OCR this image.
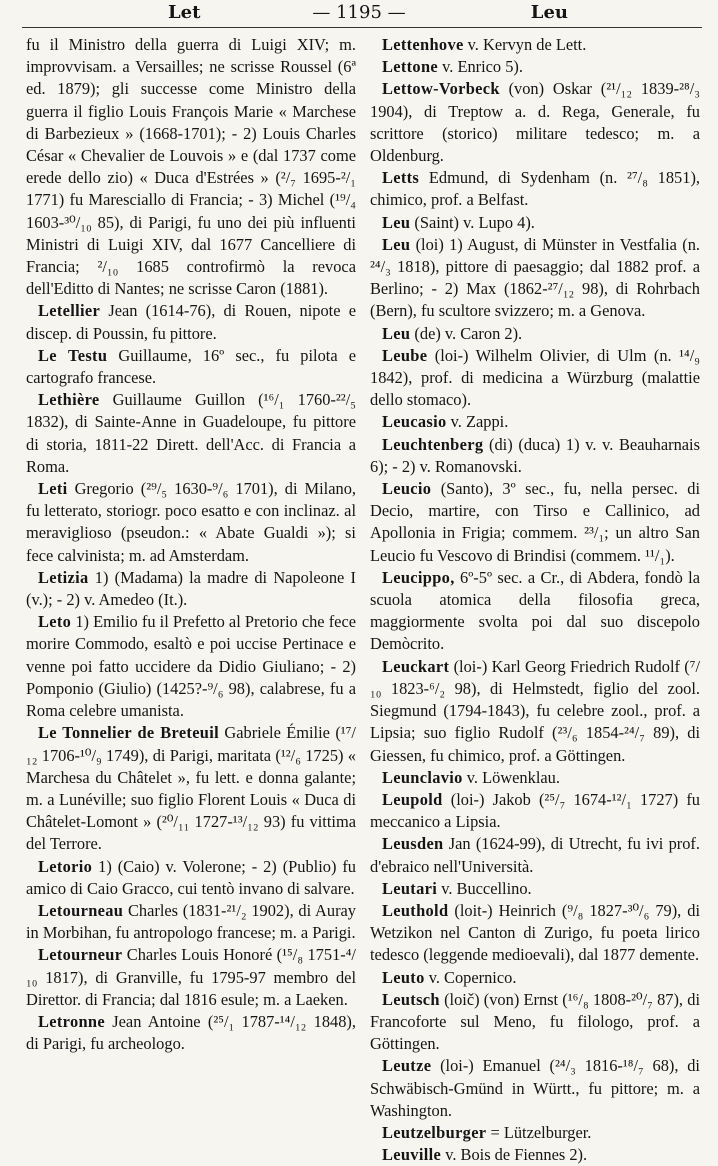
Let	— 1195 —	Leu

fu il Ministro della guerra di Luigi XIV; m. improvvisam. a Versailles; ne scrisse Roussel (6ª ed. 1879); gli successe come Ministro della guerra il figlio Louis François Marie « Marchese di Barbezieux » (1668-1701); - 2) Louis Charles César « Chevalier de Louvois » e (dal 1737 come erede dello zio) « Duca d'Estrées » (²/₇ 1695-²/₁ 1771) fu Maresciallo di Francia; - 3) Michel (¹⁹/₄ 1603-³⁰/₁₀ 85), di Parigi, fu uno dei più influenti Ministri di Luigi XIV, dal 1677 Cancelliere di Francia; ²/₁₀ 1685 controfirmò la revoca dell'Editto di Nantes; ne scrisse Caron (1881).

Letellier Jean (1614-76), di Rouen, nipote e discep. di Poussin, fu pittore.

Le Testu Guillaume, 16º sec., fu pilota e cartografo francese.

Lethière Guillaume Guillon (¹⁶/₁ 1760-²²/₅ 1832), di Sainte-Anne in Guadeloupe, fu pittore di storia, 1811-22 Dirett. dell'Acc. di Francia a Roma.

Leti Gregorio (²⁹/₅ 1630-⁹/₆ 1701), di Milano, fu letterato, storiogr. poco esatto e con inclinaz. al meraviglioso (pseudon.: « Abate Gualdi »); si fece calvinista; m. ad Amsterdam.

Letizia 1) (Madama) la madre di Napoleone I (v.); - 2) v. Amedeo (It.).

Leto 1) Emilio fu il Prefetto al Pretorio che fece morire Commodo, esaltò e poi uccise Pertinace e venne poi fatto uccidere da Didio Giuliano; - 2) Pomponio (Giulio) (1425?-⁹/₆ 98), calabrese, fu a Roma celebre umanista.

Le Tonnelier de Breteuil Gabriele Émilie (¹⁷/₁₂ 1706-¹⁰/₉ 1749), di Parigi, maritata (¹²/₆ 1725) « Marchesa du Châtelet », fu lett. e donna galante; m. a Lunéville; suo figlio Florent Louis « Duca di Châtelet-Lomont » (²⁰/₁₁ 1727-¹³/₁₂ 93) fu vittima del Terrore.

Letorio 1) (Caio) v. Volerone; - 2) (Publio) fu amico di Caio Gracco, cui tentò invano di salvare.

Letourneau Charles (1831-²¹/₂ 1902), di Auray in Morbihan, fu antropologo francese; m. a Parigi.

Letourneur Charles Louis Honoré (¹⁵/₈ 1751-⁴/₁₀ 1817), di Granville, fu 1795-97 membro del Direttor. di Francia; dal 1816 esule; m. a Laeken.

Letronne Jean Antoine (²⁵/₁ 1787-¹⁴/₁₂ 1848), di Parigi, fu archeologo.

Lettenhove v. Kervyn de Lett.

Lettone v. Enrico 5).

Lettow-Vorbeck (von) Oskar (²¹/₁₂ 1839-²⁸/₃ 1904), di Treptow a. d. Rega, Generale, fu scrittore (storico) militare tedesco; m. a Oldenburg.

Letts Edmund, di Sydenham (n. ²⁷/₈ 1851), chimico, prof. a Belfast.

Leu (Saint) v. Lupo 4).

Leu (loi) 1) August, di Münster in Vestfalia (n. ²⁴/₃ 1818), pittore di paesaggio; dal 1882 prof. a Berlino; - 2) Max (1862-²⁷/₁₂ 98), di Rohrbach (Bern), fu scultore svizzero; m. a Genova.

Leu (de) v. Caron 2).

Leube (loi-) Wilhelm Olivier, di Ulm (n. ¹⁴/₉ 1842), prof. di medicina a Würzburg (malattie dello stomaco).

Leucasio v. Zappi.

Leuchtenberg (di) (duca) 1) v. v. Beauharnais 6); - 2) v. Romanovski.

Leucio (Santo), 3º sec., fu, nella persec. di Decio, martire, con Tirso e Callinico, ad Apollonia in Frigia; commem. ²³/₁; un altro San Leucio fu Vescovo di Brindisi (commem. ¹¹/₁).

Leucippo, 6º-5º sec. a Cr., di Abdera, fondò la scuola atomica della filosofia greca, maggiormente svolta poi dal suo discepolo Demòcrito.

Leuckart (loi-) Karl Georg Friedrich Rudolf (⁷/₁₀ 1823-⁶/₂ 98), di Helmstedt, figlio del zool. Siegmund (1794-1843), fu celebre zool., prof. a Lipsia; suo figlio Rudolf (²³/₆ 1854-²⁴/₇ 89), di Giessen, fu chimico, prof. a Göttingen.

Leunclavio v. Löwenklau.

Leupold (loi-) Jakob (²⁵/₇ 1674-¹²/₁ 1727) fu meccanico a Lipsia.

Leusden Jan (1624-99), di Utrecht, fu ivi prof. d'ebraico nell'Università.

Leutari v. Buccellino.

Leuthold (loit-) Heinrich (⁹/₈ 1827-³⁰/₆ 79), di Wetzikon nel Canton di Zurigo, fu poeta lirico tedesco (leggende medioevali), dal 1877 demente.

Leuto v. Copernico.

Leutsch (loič) (von) Ernst (¹⁶/₈ 1808-²⁰/₇ 87), di Francoforte sul Meno, fu filologo, prof. a Göttingen.

Leutze (loi-) Emanuel (²⁴/₃ 1816-¹⁸/₇ 68), di Schwäbisch-Gmünd in Württ., fu pittore; m. a Washington.

Leutzelburger = Lützelburger.

Leuville v. Bois de Fiennes 2).
